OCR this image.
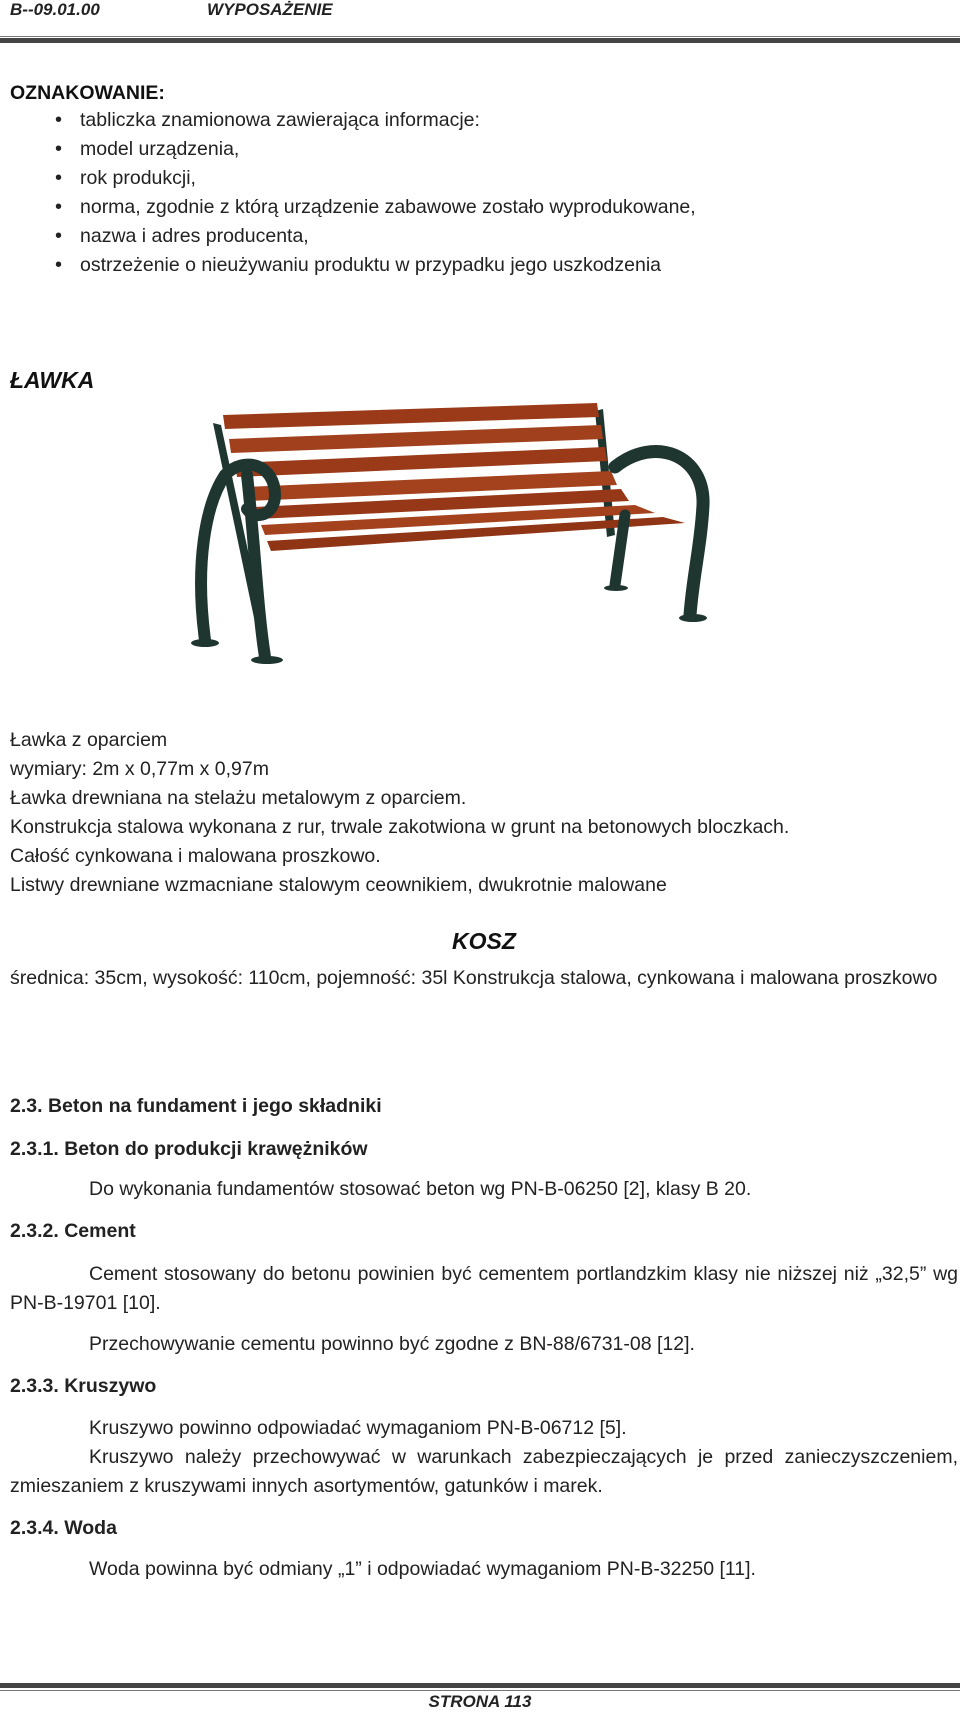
B--09.01.00	WYPOSAŻENIE
OZNAKOWANIE:
• tabliczka znamionowa zawierająca informacje:
• model urządzenia,
• rok produkcji,
• norma, zgodnie z którą urządzenie zabawowe zostało wyprodukowane,
• nazwa i adres producenta,
• ostrzeżenie o nieużywaniu produktu w przypadku jego uszkodzenia
ŁAWKA
Ławka z oparciem
wymiary: 2m x 0,77m x 0,97m
Ławka drewniana na stelażu metalowym z oparciem.
Konstrukcja stalowa wykonana z rur, trwale zakotwiona w grunt na betonowych bloczkach.
Całość cynkowana i malowana proszkowo.
Listwy drewniane wzmacniane stalowym ceownikiem, dwukrotnie malowane
KOSZ
średnica: 35cm, wysokość: 110cm, pojemność: 35l Konstrukcja stalowa, cynkowana i malowana proszkowo
2.3. Beton na fundament i jego składniki
2.3.1. Beton do produkcji krawężników
Do wykonania fundamentów stosować beton wg PN-B-06250 [2], klasy B 20.
2.3.2. Cement
Cement stosowany do betonu powinien być cementem portlandzkim klasy nie niższej niż „32,5” wg PN-B-19701 [10].
Przechowywanie cementu powinno być zgodne z BN-88/6731-08 [12].
2.3.3. Kruszywo
Kruszywo powinno odpowiadać wymaganiom PN-B-06712 [5].
Kruszywo należy przechowywać w warunkach zabezpieczających je przed zanieczyszczeniem, zmieszaniem z kruszywami innych asortymentów, gatunków i marek.
2.3.4. Woda
Woda powinna być odmiany „1” i odpowiadać wymaganiom PN-B-32250 [11].
STRONA 113
